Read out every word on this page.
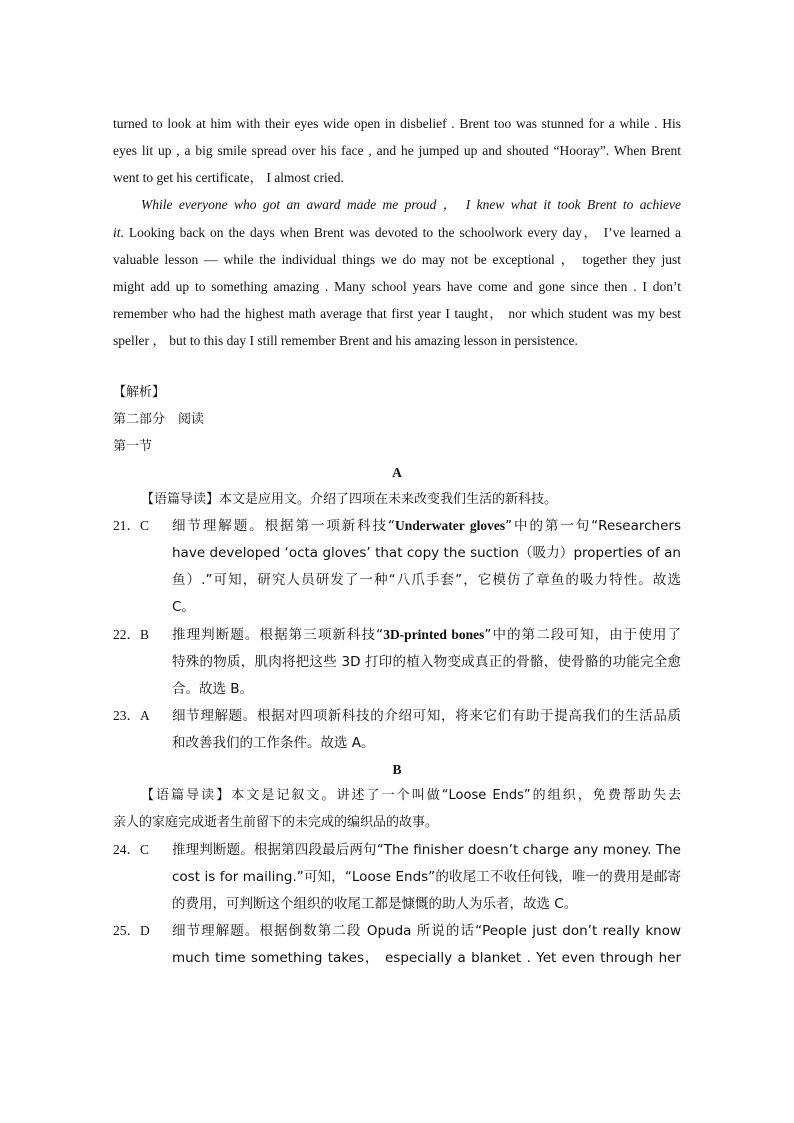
turned to look at him with their eyes wide open in disbelief . Brent too was stunned for a while . His
eyes lit up , a big smile spread over his face , and he jumped up and shouted “Hooray”. When Brent
went to get his certificate， I almost cried.
While everyone who got an award made me proud ， I knew what it took Brent to achieve
it. Looking back on the days when Brent was devoted to the schoolwork every day， I’ve learned a
valuable lesson — while the individual things we do may not be exceptional ， together they just
might add up to something amazing . Many school years have come and gone since then . I don’t
remember who had the highest math average that first year I taught， nor which student was my best
speller ， but to this day I still remember Brent and his amazing lesson in persistence.
【解析】
第二部分　阅读
第一节
A
【语篇导读】本文是应用文。介绍了四项在未来改变我们生活的新科技。
21．C	细节理解题。根据第一项新科技“Underwater gloves”中的第一句“Researchers
have developed ‘octa gloves’ that copy the suction（吸力）properties of an
鱼）.”可知，研究人员研发了一种“八爪手套”，它模仿了章鱼的吸力特性。故选
C。
22．B	推理判断题。根据第三项新科技“3D-printed bones”中的第二段可知，由于使用了
特殊的物质，肌肉将把这些 3D 打印的植入物变成真正的骨骼，使骨骼的功能完全愈
合。故选 B。
23．A	细节理解题。根据对四项新科技的介绍可知，将来它们有助于提高我们的生活品质
和改善我们的工作条件。故选 A。
B
【语篇导读】本文是记叙文。讲述了一个叫做“Loose Ends”的组织，免费帮助失去
亲人的家庭完成逝者生前留下的未完成的编织品的故事。
24．C	推理判断题。根据第四段最后两句“The finisher doesn’t charge any money. The
cost is for mailing.”可知，“Loose Ends”的收尾工不收任何钱，唯一的费用是邮寄
的费用，可判断这个组织的收尾工都是慷慨的助人为乐者，故选 C。
25．D	细节理解题。根据倒数第二段 Opuda 所说的话“People just don’t really know
much time something takes， especially a blanket . Yet even through her
